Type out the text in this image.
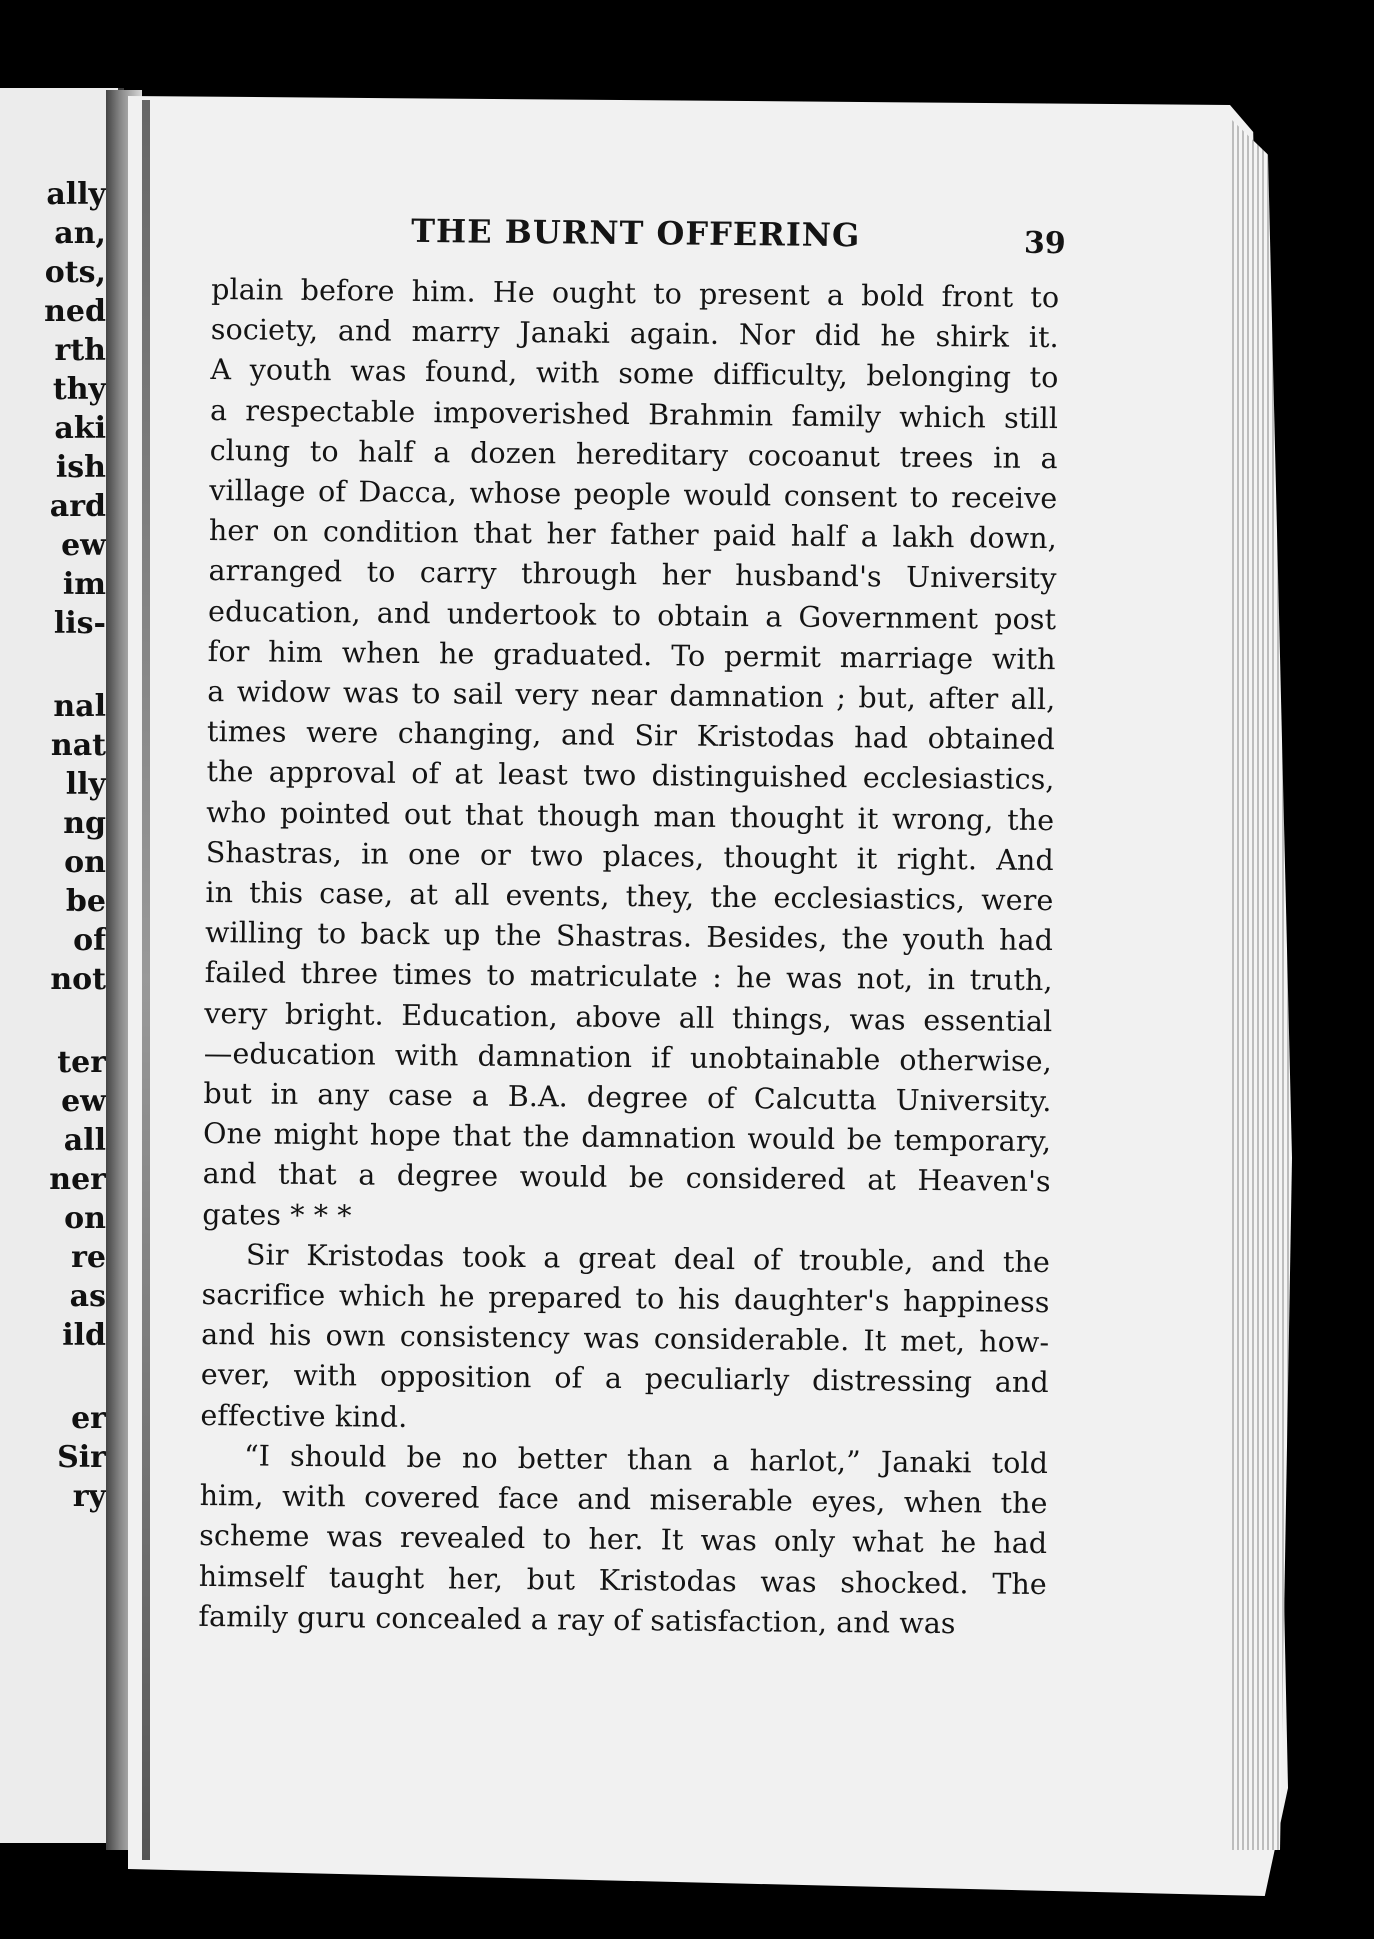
ally
an,
ots,
ned
rth
thy
aki
ish
ard
ew
im
lis-
nal
nat
lly
ng
on
be
of
not
ter
ew
all
ner
on
re
as
ild
er
Sir
ry
THE BURNT OFFERING	39
plain before him. He ought to present a bold front to
society, and marry Janaki again. Nor did he shirk it.
A youth was found, with some difficulty, belonging to
a respectable impoverished Brahmin family which still
clung to half a dozen hereditary cocoanut trees in a
village of Dacca, whose people would consent to receive
her on condition that her father paid half a lakh down,
arranged to carry through her husband's University
education, and undertook to obtain a Government post
for him when he graduated. To permit marriage with
a widow was to sail very near damnation ; but, after all,
times were changing, and Sir Kristodas had obtained
the approval of at least two distinguished ecclesiastics,
who pointed out that though man thought it wrong, the
Shastras, in one or two places, thought it right. And
in this case, at all events, they, the ecclesiastics, were
willing to back up the Shastras. Besides, the youth had
failed three times to matriculate : he was not, in truth,
very bright. Education, above all things, was essential
—education with damnation if unobtainable otherwise,
but in any case a B.A. degree of Calcutta University.
One might hope that the damnation would be temporary,
and that a degree would be considered at Heaven's
gates * * *
Sir Kristodas took a great deal of trouble, and the
sacrifice which he prepared to his daughter's happiness
and his own consistency was considerable. It met, how-
ever, with opposition of a peculiarly distressing and
effective kind.
“I should be no better than a harlot,” Janaki told
him, with covered face and miserable eyes, when the
scheme was revealed to her. It was only what he had
himself taught her, but Kristodas was shocked. The
family guru concealed a ray of satisfaction, and was
